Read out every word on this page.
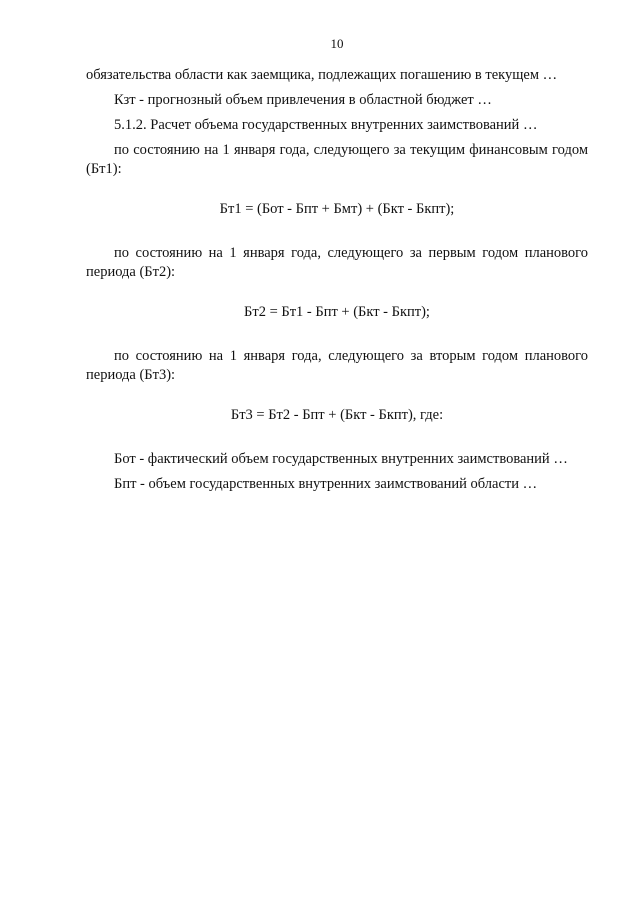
10

обязательства области как заемщика, подлежащих погашению в текущем …

Кзт - прогнозный объем привлечения в областной бюджет …

5.1.2. Расчет объема государственных внутренних заимствований …

по состоянию на 1 января года, следующего за текущим финансовым годом (Бт1):

Бт1 = (Бот - Бпт + Бмт) + (Бкт - Бкпт);

по состоянию на 1 января года, следующего за первым годом планового периода (Бт2):

Бт2 = Бт1 - Бпт + (Бкт - Бкпт);

по состоянию на 1 января года, следующего за вторым годом планового периода (Бт3):

Бт3 = Бт2 - Бпт + (Бкт - Бкпт), где:

Бот - фактический объем государственных внутренних заимствований …

Бпт - объем государственных внутренних заимствований области …
